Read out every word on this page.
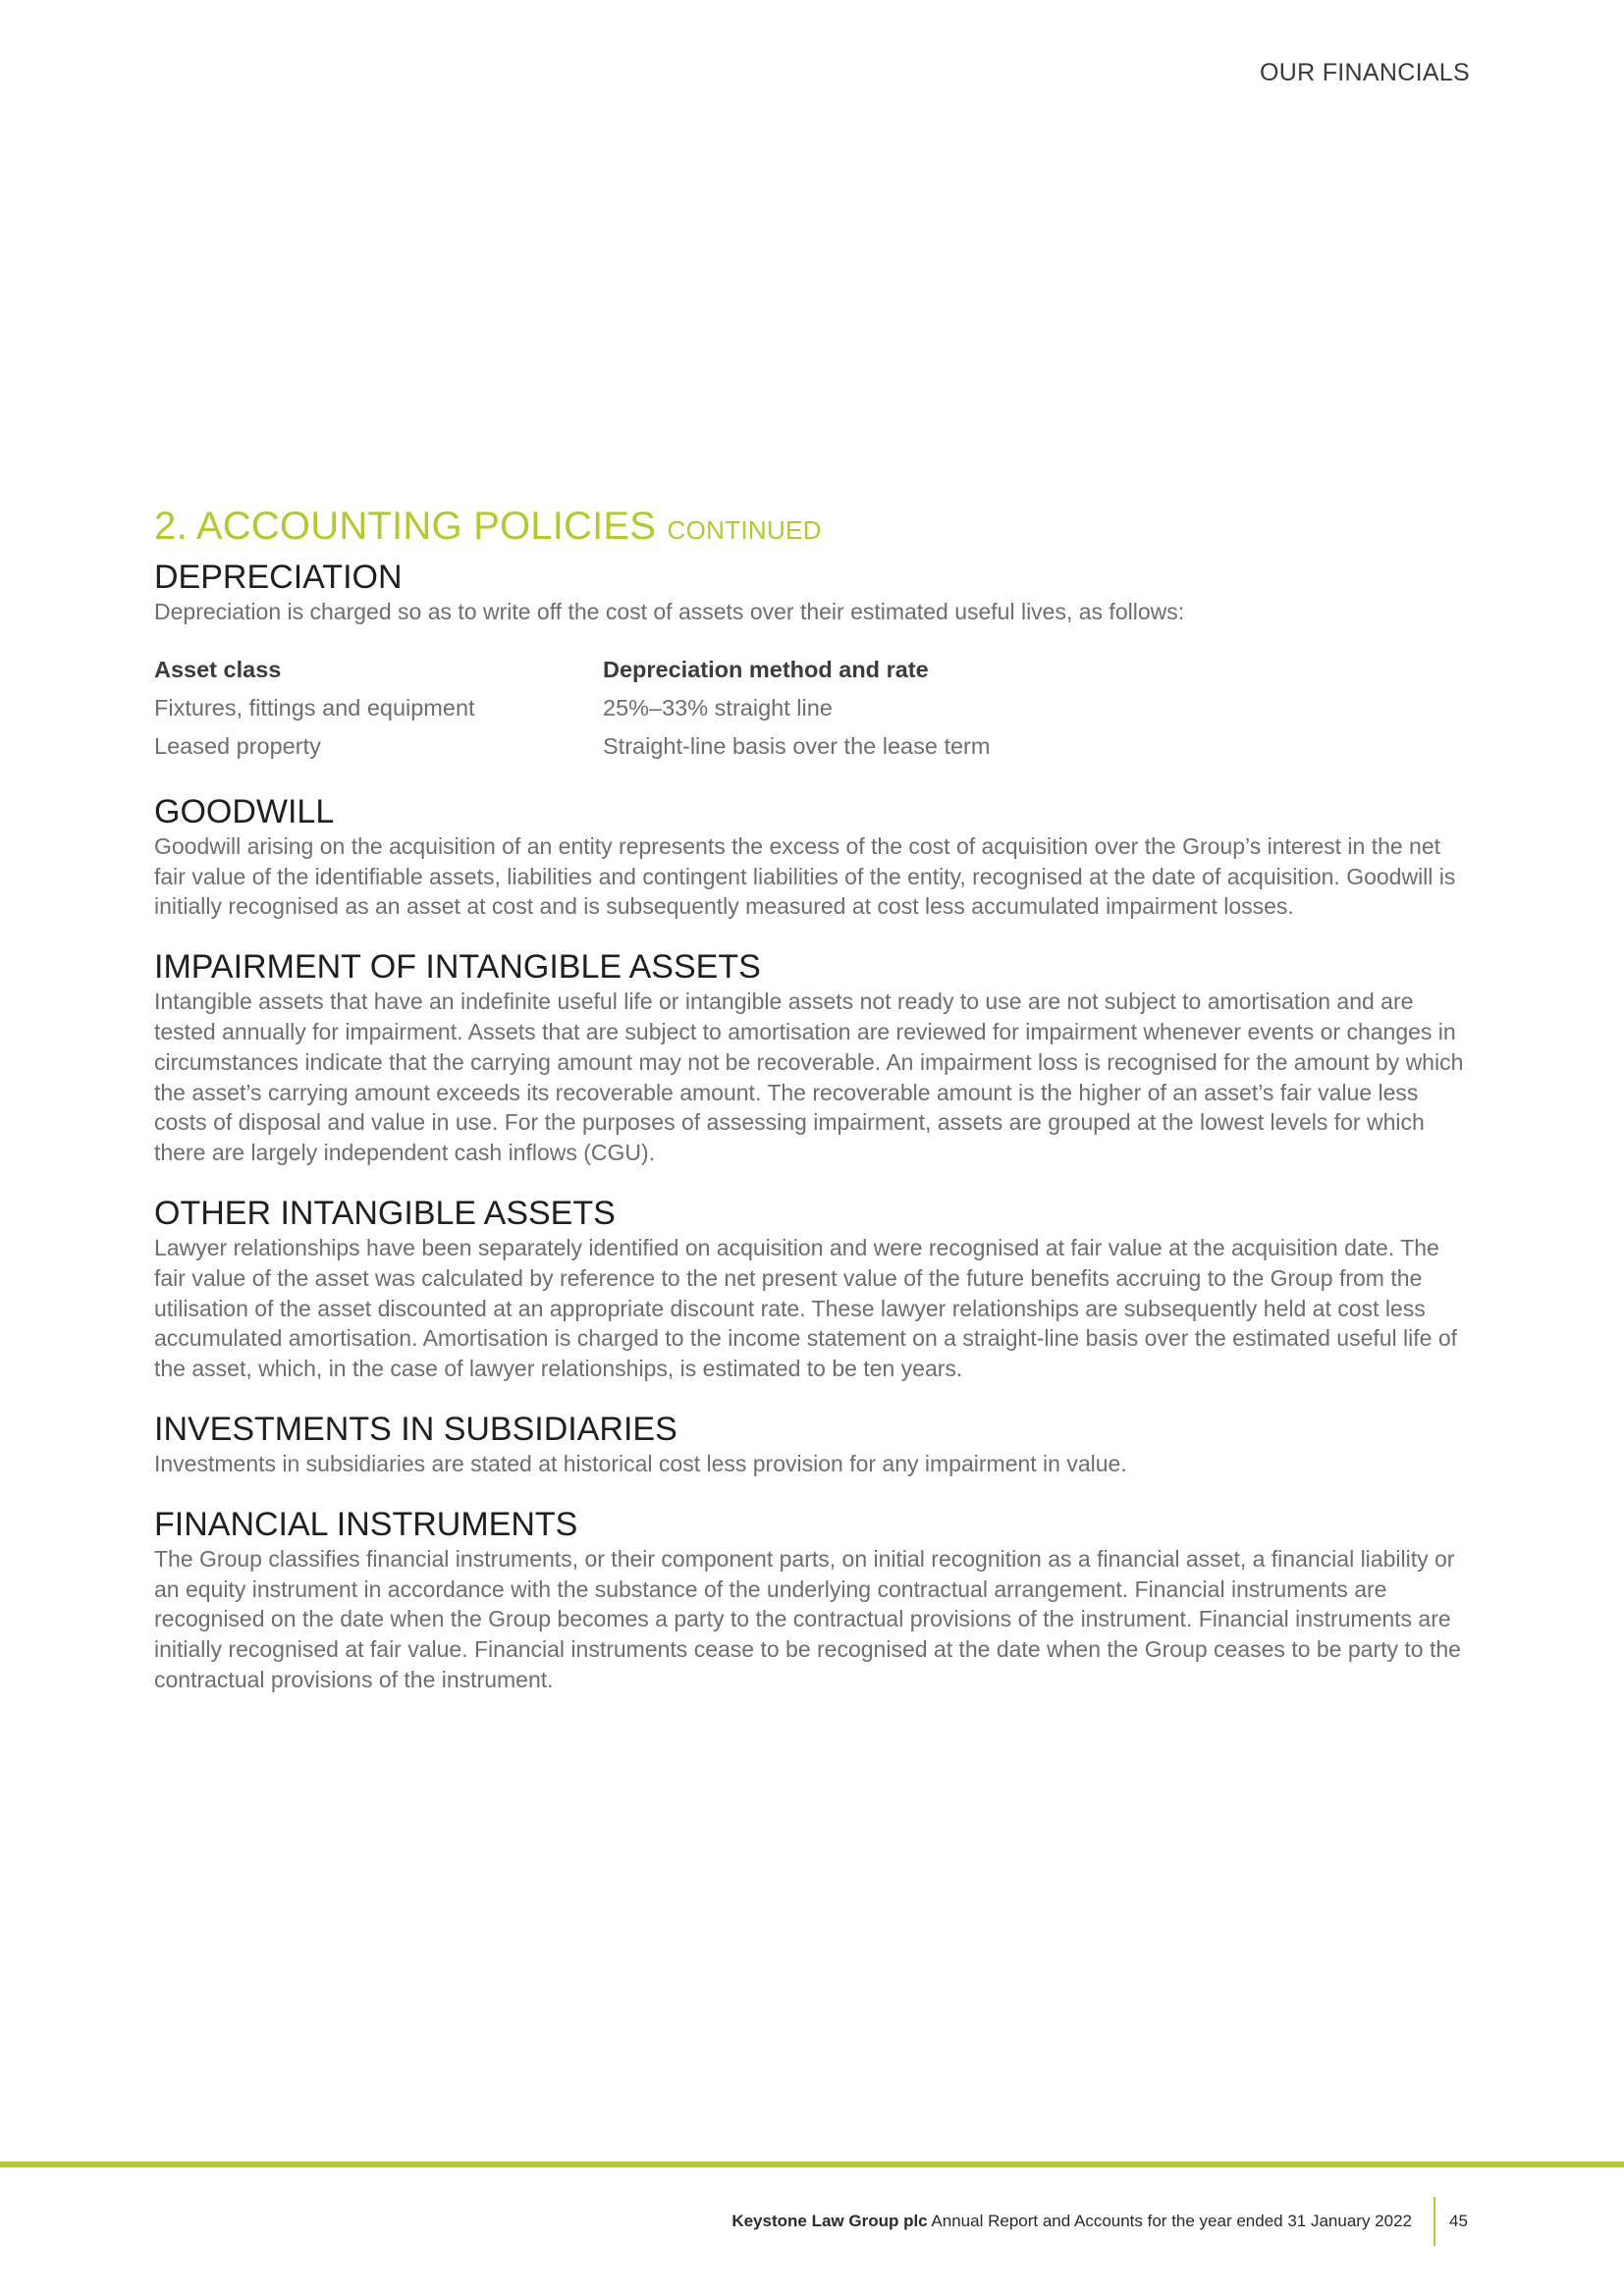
OUR FINANCIALS

2. ACCOUNTING POLICIES CONTINUED
DEPRECIATION

Depreciation is charged so as to write off the cost of assets over their estimated useful lives, as follows:

Asset class	Depreciation method and rate
Fixtures, fittings and equipment	25%–33% straight line
Leased property	Straight-line basis over the lease term
GOODWILL

Goodwill arising on the acquisition of an entity represents the excess of the cost of acquisition over the Group’s interest in the net fair value of the identifiable assets, liabilities and contingent liabilities of the entity, recognised at the date of acquisition. Goodwill is initially recognised as an asset at cost and is subsequently measured at cost less accumulated impairment losses.

IMPAIRMENT OF INTANGIBLE ASSETS

Intangible assets that have an indefinite useful life or intangible assets not ready to use are not subject to amortisation and are tested annually for impairment. Assets that are subject to amortisation are reviewed for impairment whenever events or changes in circumstances indicate that the carrying amount may not be recoverable. An impairment loss is recognised for the amount by which the asset’s carrying amount exceeds its recoverable amount. The recoverable amount is the higher of an asset’s fair value less costs of disposal and value in use. For the purposes of assessing impairment, assets are grouped at the lowest levels for which there are largely independent cash inflows (CGU).

OTHER INTANGIBLE ASSETS

Lawyer relationships have been separately identified on acquisition and were recognised at fair value at the acquisition date. The fair value of the asset was calculated by reference to the net present value of the future benefits accruing to the Group from the utilisation of the asset discounted at an appropriate discount rate. These lawyer relationships are subsequently held at cost less accumulated amortisation. Amortisation is charged to the income statement on a straight-line basis over the estimated useful life of the asset, which, in the case of lawyer relationships, is estimated to be ten years.

INVESTMENTS IN SUBSIDIARIES

Investments in subsidiaries are stated at historical cost less provision for any impairment in value.

FINANCIAL INSTRUMENTS

The Group classifies financial instruments, or their component parts, on initial recognition as a financial asset, a financial liability or an equity instrument in accordance with the substance of the underlying contractual arrangement. Financial instruments are recognised on the date when the Group becomes a party to the contractual provisions of the instrument. Financial instruments are initially recognised at fair value. Financial instruments cease to be recognised at the date when the Group ceases to be party to the contractual provisions of the instrument.

Keystone Law Group plc Annual Report and Accounts for the year ended 31 January 2022 45
